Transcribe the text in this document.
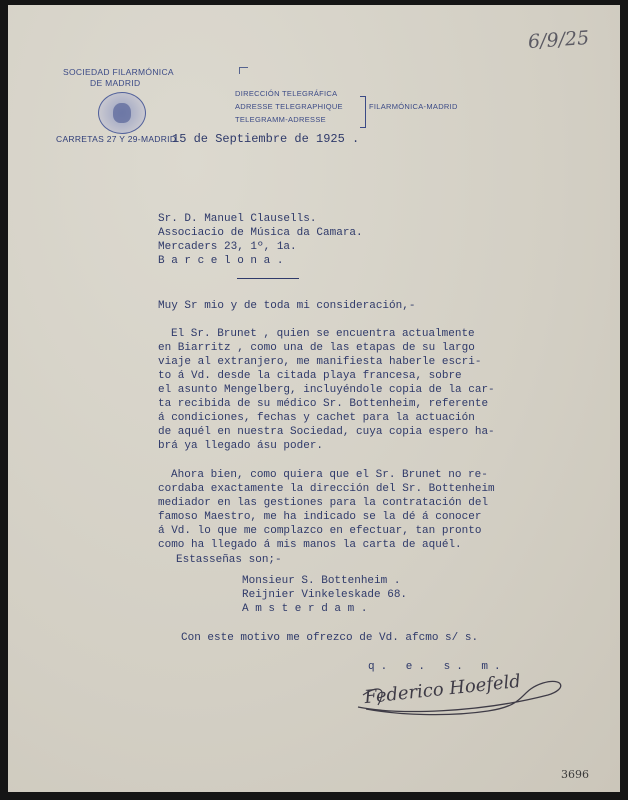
SOCIEDAD FILARMÓNICA
DE MADRID
CARRETAS 27 Y 29-MADRID
DIRECCIÓN TELEGRÁFICA
ADRESSE TELEGRAPHIQUE
TELEGRAMM-ADRESSE
FILARMÓNICA-MADRID
6/9/25
15 de Septiembre de 1925 .
Sr. D. Manuel Clausells.
Associacio de Música da Camara.
Mercaders 23, 1º, 1a.
B a r c e l o n a .
Muy Sr mio y de toda mi consideración,-
El Sr. Brunet , quien se encuentra actualmente
en Biarritz , como una de las etapas de su largo
viaje al extranjero, me manifiesta haberle escri-
to á Vd. desde la citada playa francesa, sobre
el asunto Mengelberg, incluyéndole copia de la car-
ta recibida de su médico Sr. Bottenheim, referente
á condiciones, fechas y cachet para la actuación
de aquél en nuestra Sociedad, cuya copia espero ha-
brá ya llegado ásu poder.
Ahora bien, como quiera que el Sr. Brunet no re-
cordaba exactamente la dirección del Sr. Bottenheim
mediador en las gestiones para la contratación del
famoso Maestro, me ha indicado se la dé á conocer
á Vd. lo que me complazco en efectuar, tan pronto
como ha llegado á mis manos la carta de aquél.
Estasseñas son;-
Monsieur S. Bottenheim .
Reijnier Vinkeleskade 68.
A m s t e r d a m .
Con este motivo me ofrezco de Vd. afcmo s/ s.
q. e. s. m.
Federico Hoefeld
3696
